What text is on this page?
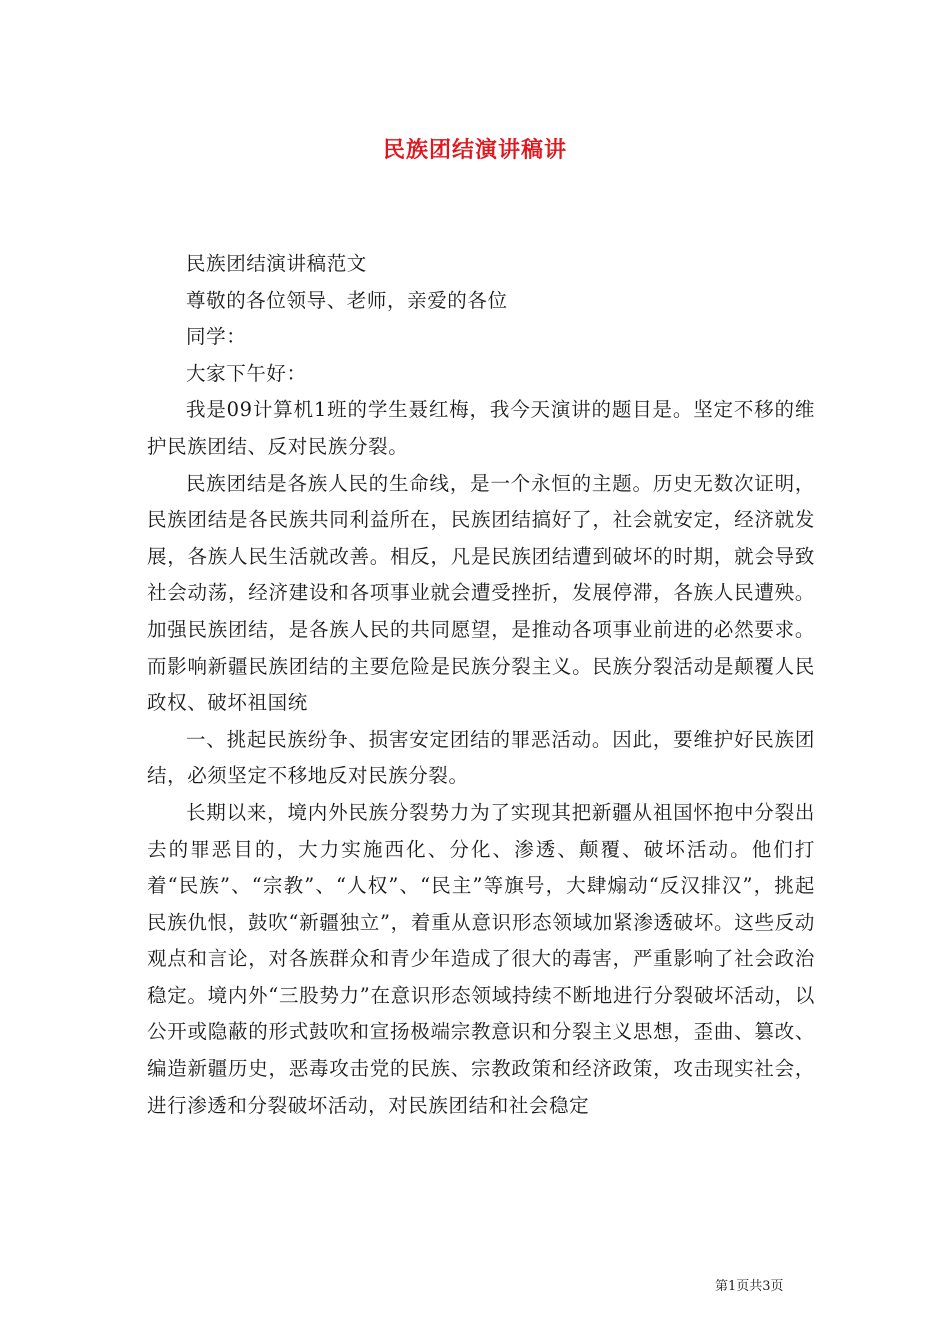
民族团结演讲稿讲

民族团结演讲稿范文

尊敬的各位领导、老师，亲爱的各位

同学：

大家下午好：

我是09计算机1班的学生聂红梅，我今天演讲的题目是。坚定不移的维护民族团结、反对民族分裂。

民族团结是各族人民的生命线，是一个永恒的主题。历史无数次证明，民族团结是各民族共同利益所在，民族团结搞好了，社会就安定，经济就发展，各族人民生活就改善。相反，凡是民族团结遭到破坏的时期，就会导致社会动荡，经济建设和各项事业就会遭受挫折，发展停滞，各族人民遭殃。加强民族团结，是各族人民的共同愿望，是推动各项事业前进的必然要求。而影响新疆民族团结的主要危险是民族分裂主义。民族分裂活动是颠覆人民政权、破坏祖国统

一、挑起民族纷争、损害安定团结的罪恶活动。因此，要维护好民族团结，必须坚定不移地反对民族分裂。

长期以来，境内外民族分裂势力为了实现其把新疆从祖国怀抱中分裂出去的罪恶目的，大力实施西化、分化、渗透、颠覆、破坏活动。他们打着“民族”、“宗教”、“人权”、“民主”等旗号，大肆煽动“反汉排汉”，挑起民族仇恨，鼓吹“新疆独立”，着重从意识形态领域加紧渗透破坏。这些反动观点和言论，对各族群众和青少年造成了很大的毒害，严重影响了社会政治稳定。境内外“三股势力”在意识形态领域持续不断地进行分裂破坏活动，以公开或隐蔽的形式鼓吹和宣扬极端宗教意识和分裂主义思想，歪曲、篡改、编造新疆历史，恶毒攻击党的民族、宗教政策和经济政策，攻击现实社会，进行渗透和分裂破坏活动，对民族团结和社会稳定

第1页共3页
